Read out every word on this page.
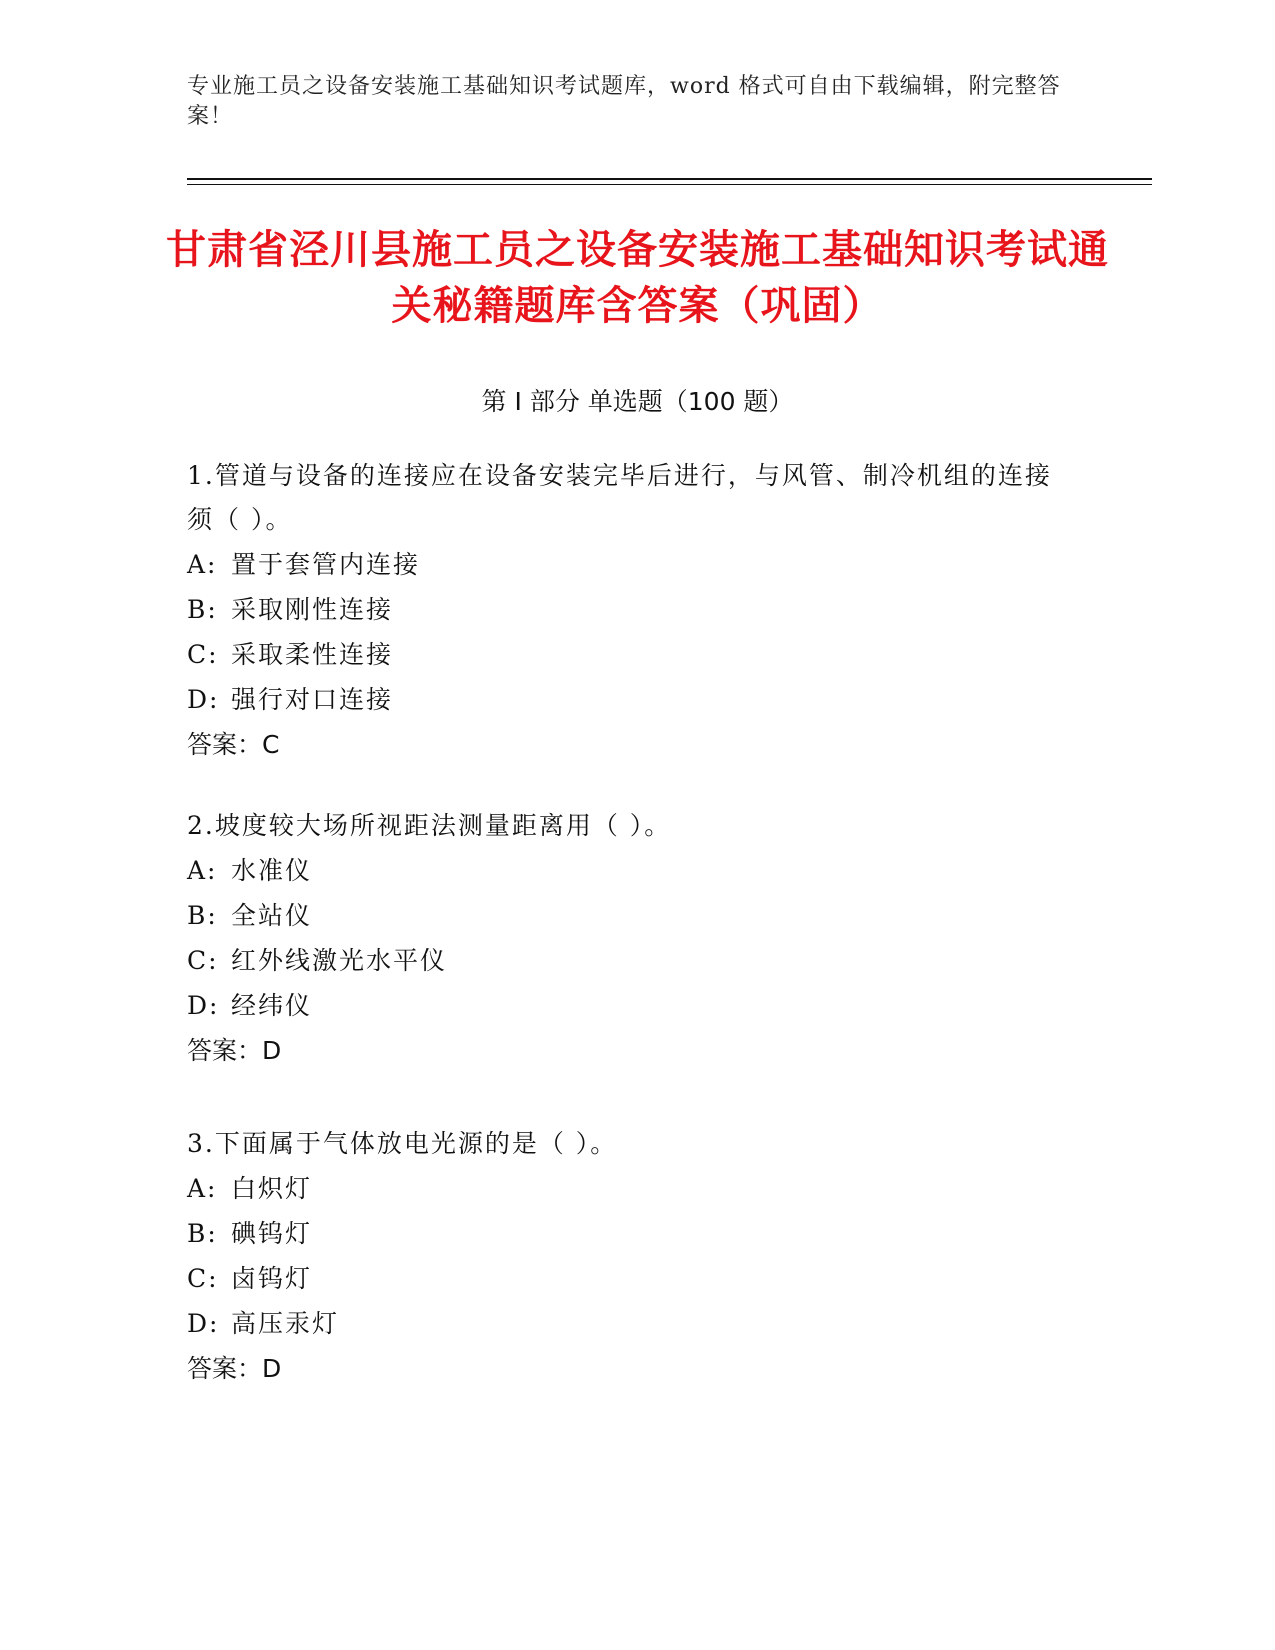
专业施工员之设备安装施工基础知识考试题库，word 格式可自由下载编辑，附完整答案！
甘肃省泾川县施工员之设备安装施工基础知识考试通关秘籍题库含答案（巩固）
第 I 部分 单选题（100 题）

1.管道与设备的连接应在设备安装完毕后进行，与风管、制冷机组的连接须（ ）。

A: 置于套管内连接

B: 采取刚性连接

C: 采取柔性连接

D: 强行对口连接

答案：C

2.坡度较大场所视距法测量距离用（ ）。

A: 水准仪

B: 全站仪

C: 红外线激光水平仪

D: 经纬仪

答案：D

3.下面属于气体放电光源的是（ ）。

A: 白炽灯

B: 碘钨灯

C: 卤钨灯

D: 高压汞灯

答案：D
